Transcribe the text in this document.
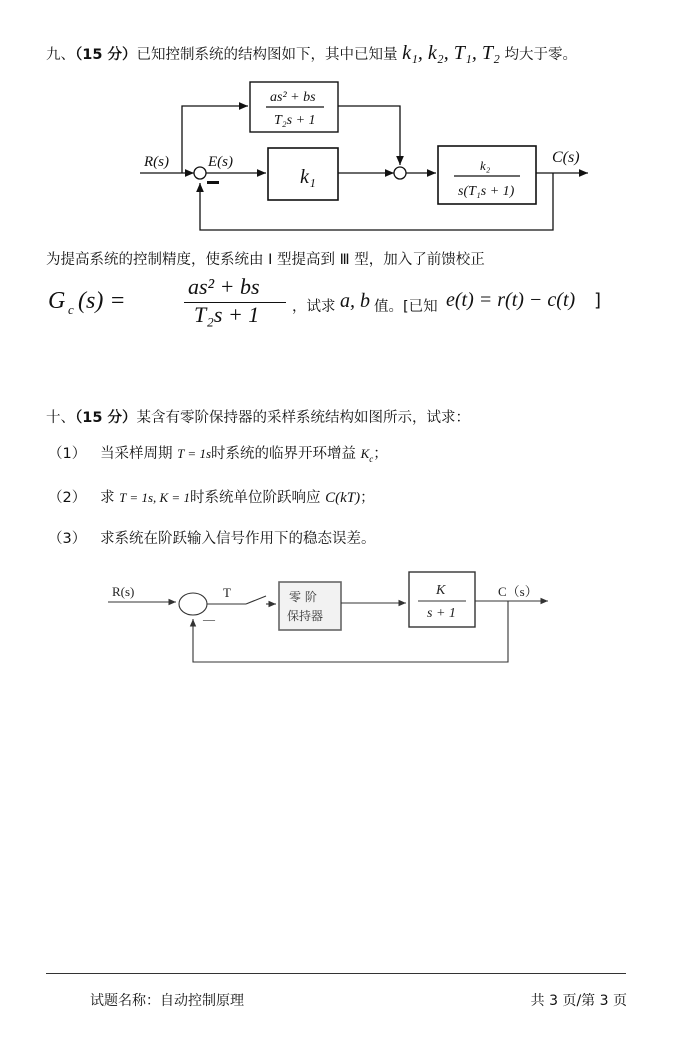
九、（15 分）已知控制系统的结构图如下，其中已知量 k₁, k₂, T₁, T₂ 均大于零。
R(s)	E(s)
k₁
as² + bs
T₂s + 1
k₂
s(T₁s + 1)
C(s)
为提高系统的控制精度，使系统由 Ⅰ 型提高到 Ⅲ 型，加入了前馈校正
G c (s) =
as² + bs
T₂s + 1 ，试求 a, b 值。[已知 e(t) = r(t) − c(t) ]
十、（15 分）某含有零阶保持器的采样系统结构如图所示，试求：
（1） 当采样周期 T = 1s时系统的临界开环增益 $K_c$；
（2） 求 T = 1s, K = 1时系统单位阶跃响应 C(kT)；
（3） 求系统在阶跃输入信号作用下的稳态误差。
R(s)	T
—
K
s + 1
C（s）
零 阶
保持器
试题名称：自动控制原理	共 3 页/第 3 页
